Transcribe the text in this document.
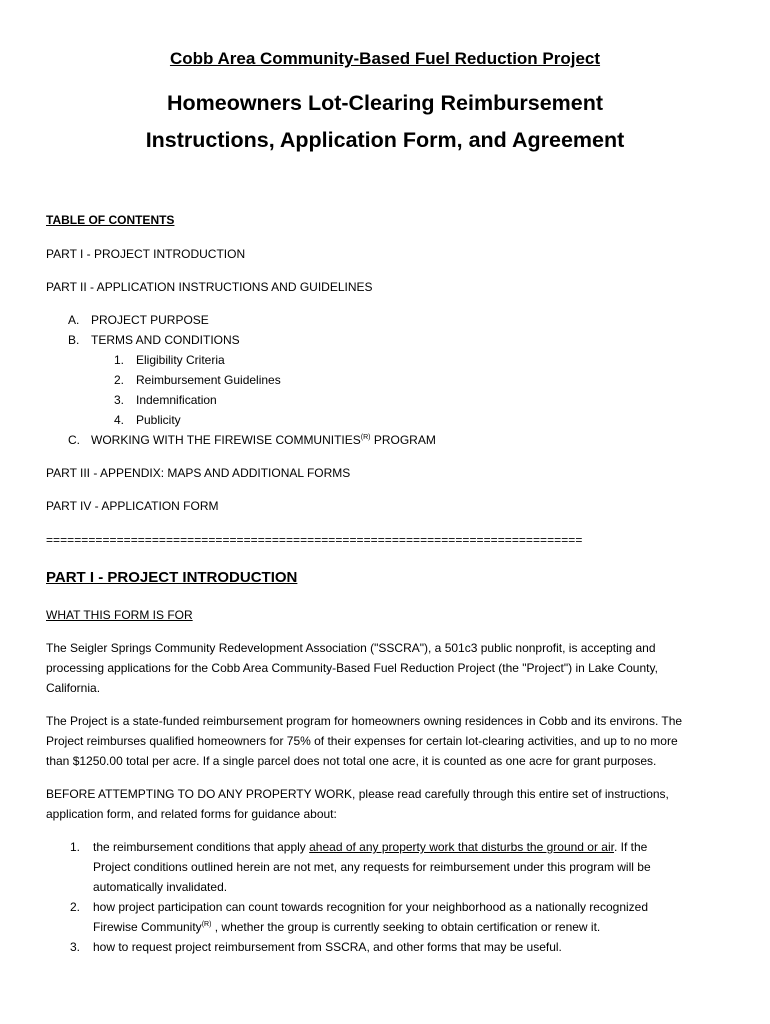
Cobb Area Community-Based Fuel Reduction Project
Homeowners Lot-Clearing Reimbursement
Instructions, Application Form, and Agreement
TABLE OF CONTENTS
PART I - PROJECT INTRODUCTION
PART II - APPLICATION INSTRUCTIONS AND GUIDELINES
A. PROJECT PURPOSE
B. TERMS AND CONDITIONS
1. Eligibility Criteria
2. Reimbursement Guidelines
3. Indemnification
4. Publicity
C. WORKING WITH THE FIREWISE $COMMUNITIES^{(R)}$ PROGRAM
PART III - APPENDIX: MAPS AND ADDITIONAL FORMS
PART IV - APPLICATION FORM
============================================================================
PART I - PROJECT INTRODUCTION
WHAT THIS FORM IS FOR
The Seigler Springs Community Redevelopment Association ("SSCRA"), a 501c3 public nonprofit, is accepting and
processing applications for the Cobb Area Community-Based Fuel Reduction Project (the "Project") in Lake County,
California.
The Project is a state-funded reimbursement program for homeowners owning residences in Cobb and its environs. The
Project reimburses qualified homeowners for 75% of their expenses for certain lot-clearing activities, and up to no more
than $1250.00 total per acre. If a single parcel does not total one acre, it is counted as one acre for grant purposes.
BEFORE ATTEMPTING TO DO ANY PROPERTY WORK, please read carefully through this entire set of instructions,
application form, and related forms for guidance about:
1. the reimbursement conditions that apply ahead of any property work that disturbs the ground or air. If the
Project conditions outlined herein are not met, any requests for reimbursement under this program will be
automatically invalidated.
2. how project participation can count towards recognition for your neighborhood as a nationally recognized
Firewise Community$^{(R)}$ , whether the group is currently seeking to obtain certification or renew it.
3. how to request project reimbursement from SSCRA, and other forms that may be useful.
